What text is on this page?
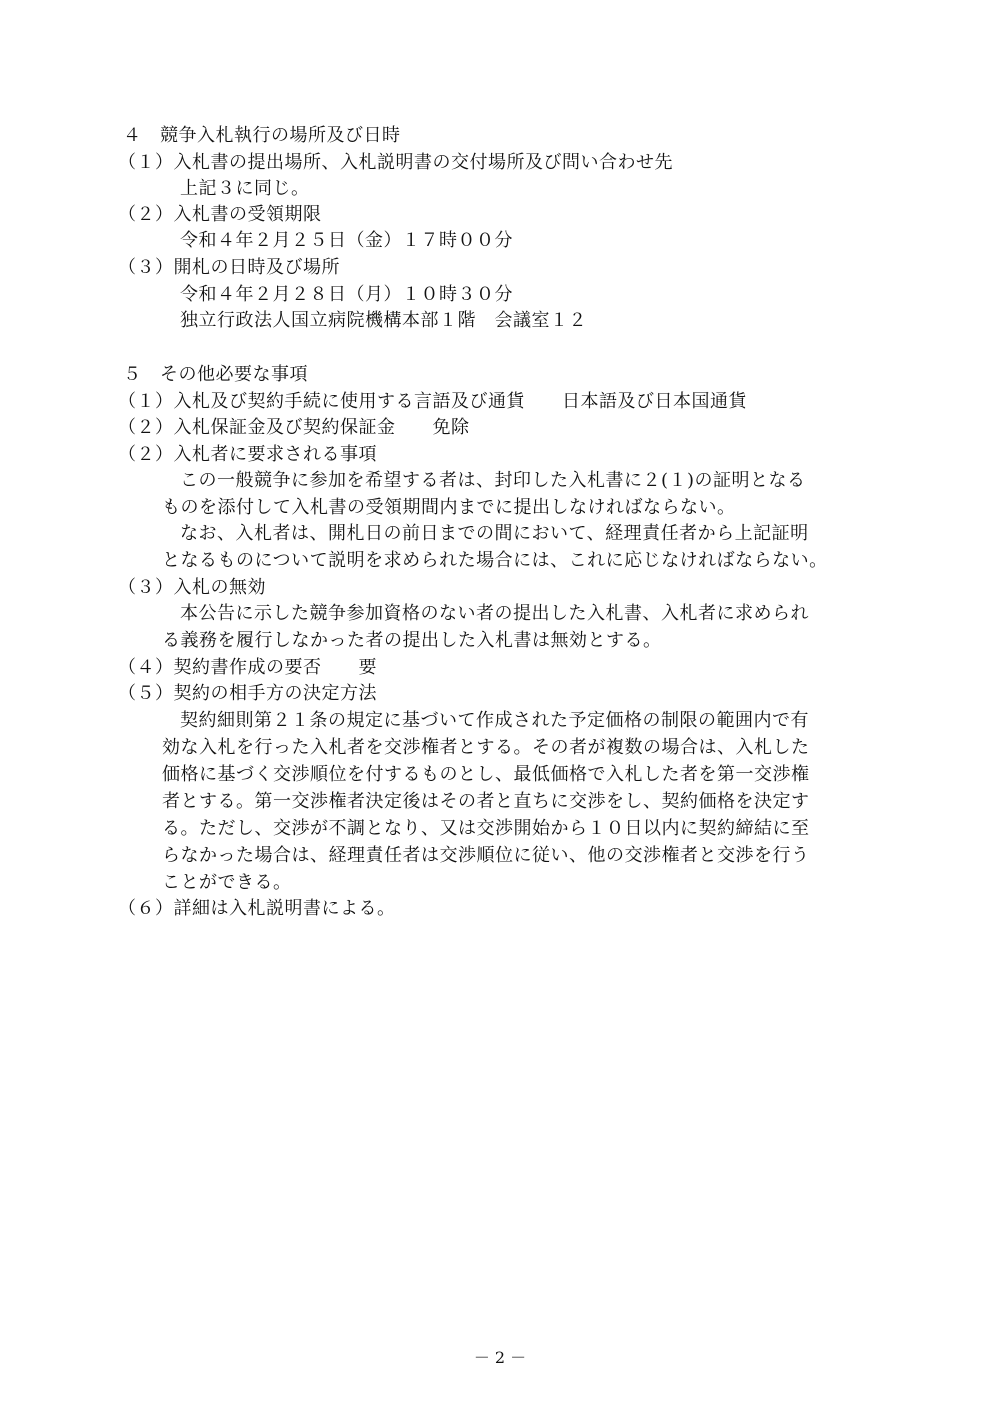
４　競争入札執行の場所及び日時
（１）入札書の提出場所、入札説明書の交付場所及び問い合わせ先
上記３に同じ。
（２）入札書の受領期限
令和４年２月２５日（金）１７時００分
（３）開札の日時及び場所
令和４年２月２８日（月）１０時３０分
独立行政法人国立病院機構本部１階　会議室１２
５　その他必要な事項
（１）入札及び契約手続に使用する言語及び通貨　　日本語及び日本国通貨
（２）入札保証金及び契約保証金　　免除
（２）入札者に要求される事項
この一般競争に参加を希望する者は、封印した入札書に２(１)の証明となる
ものを添付して入札書の受領期間内までに提出しなければならない。
なお、入札者は、開札日の前日までの間において、経理責任者から上記証明
となるものについて説明を求められた場合には、これに応じなければならない。
（３）入札の無効
本公告に示した競争参加資格のない者の提出した入札書、入札者に求められ
る義務を履行しなかった者の提出した入札書は無効とする。
（４）契約書作成の要否　　要
（５）契約の相手方の決定方法
契約細則第２１条の規定に基づいて作成された予定価格の制限の範囲内で有
効な入札を行った入札者を交渉権者とする。その者が複数の場合は、入札した
価格に基づく交渉順位を付するものとし、最低価格で入札した者を第一交渉権
者とする。第一交渉権者決定後はその者と直ちに交渉をし、契約価格を決定す
る。ただし、交渉が不調となり、又は交渉開始から１０日以内に契約締結に至
らなかった場合は、経理責任者は交渉順位に従い、他の交渉権者と交渉を行う
ことができる。
（６）詳細は入札説明書による。
－ 2 －
